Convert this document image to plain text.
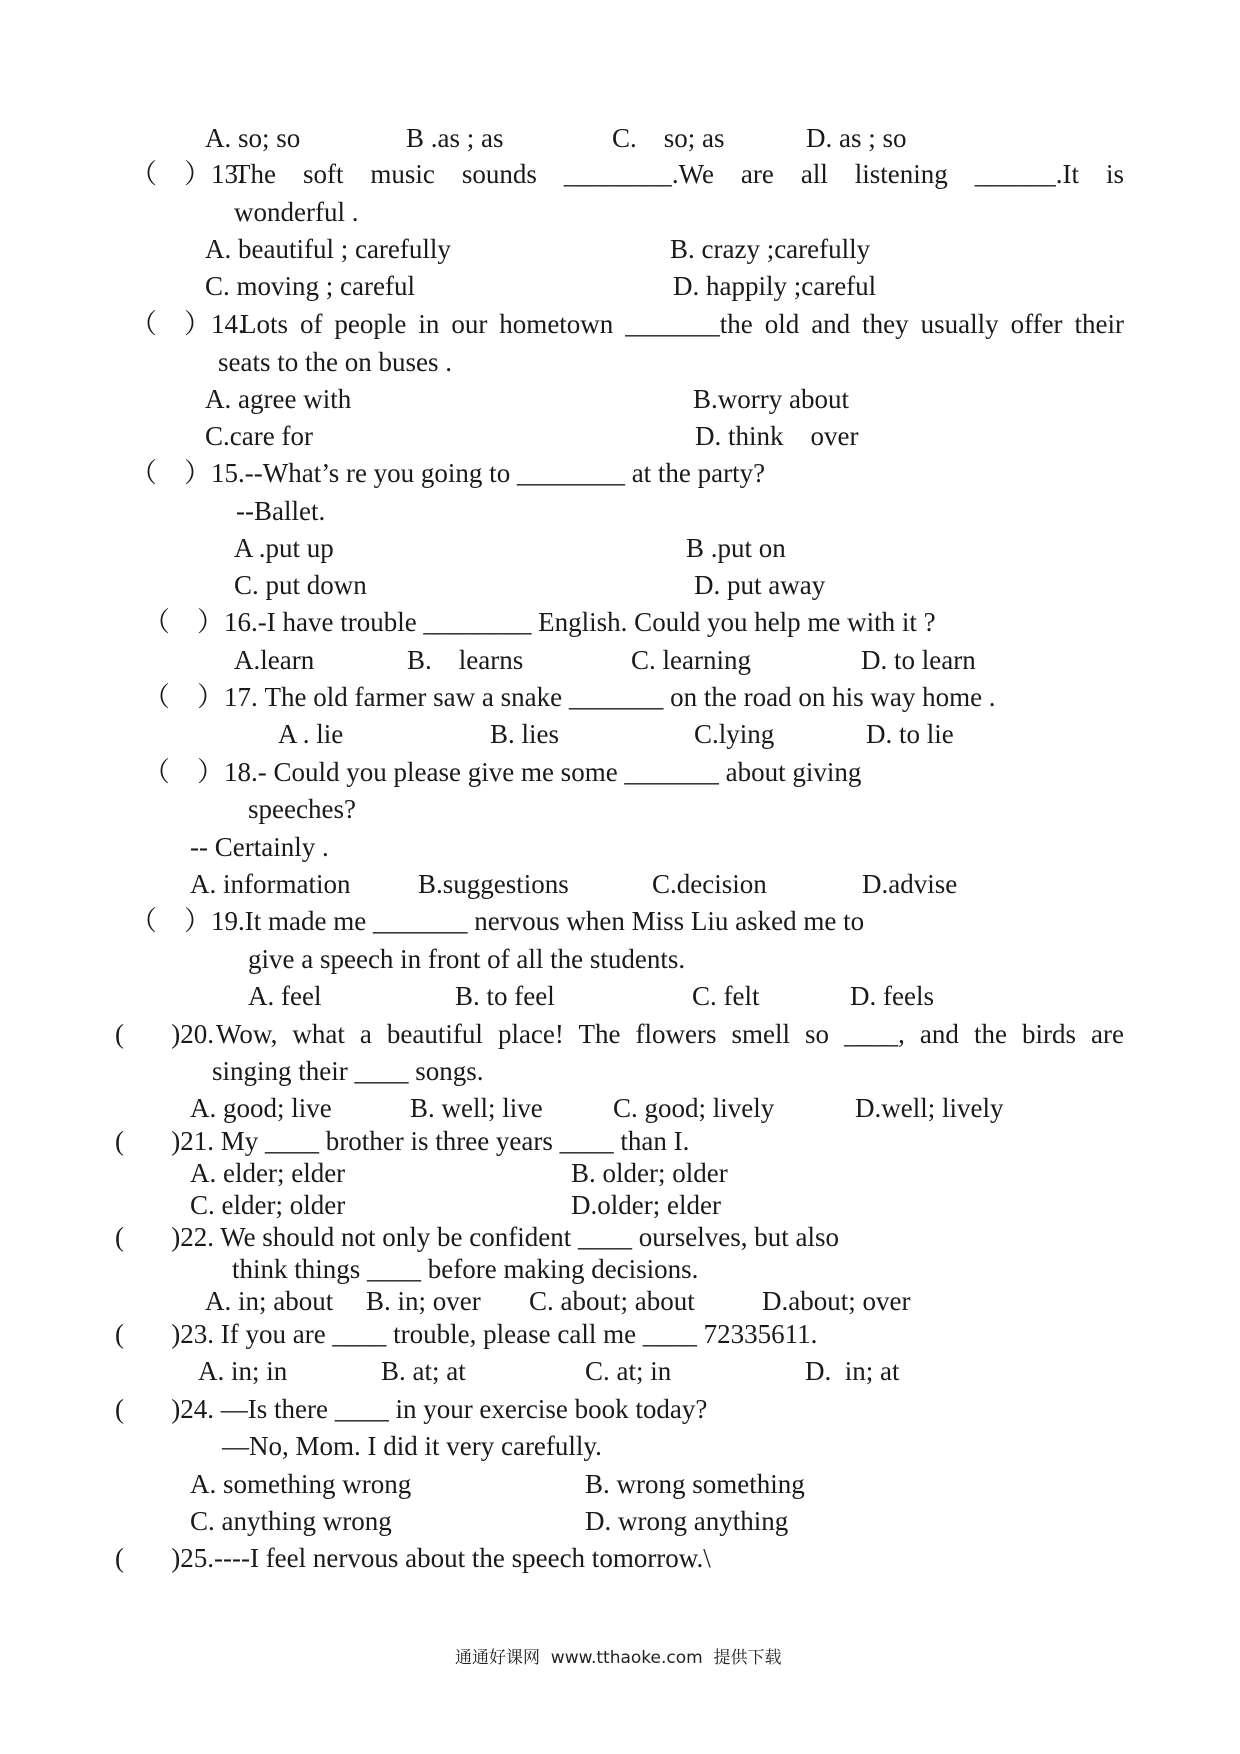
A. so; so	B .as ; as	C.    so; as	D. as ; so
（    ）13.
The soft music sounds ________.We are all listening ______.It is
wonderful .
A. beautiful ; carefully	B. crazy ;carefully
C. moving ; careful	D. happily ;careful
（    ）14.
Lots of people in our hometown _______the old and they usually offer their
seats to the on buses .
A. agree with	B.worry about
C.care for	D. think    over
（    ）15.--What’s re you going to ________ at the party?
--Ballet.
A .put up	B .put on
C. put down	D. put away
（    ）16.-I have trouble ________ English. Could you help me with it ?
A.learn	B.    learns	C. learning	D. to learn
（    ）17. The old farmer saw a snake _______ on the road on his way home .
A . lie	B. lies	C.lying	D. to lie
（    ）18.- Could you please give me some _______ about giving
speeches?
-- Certainly .
A. information	B.suggestions	C.decision	D.advise
（    ）19.It made me _______ nervous when Miss Liu asked me to
give a speech in front of all the students.
A. feel	B. to feel	C. felt	D. feels
(       )20. Wow, what a beautiful place! The flowers smell so ____, and the birds are
singing their ____ songs.
A. good; live	B. well; live	C. good; lively	D.well; lively
(       )21. My ____ brother is three years ____ than I.
A. elder; elder	B. older; older
C. elder; older	D.older; elder
(       )22. We should not only be confident ____ ourselves, but also
think things ____ before making decisions.
A. in; about B. in; over C. about; about D.about; over
(       )23. If you are ____ trouble, please call me ____ 72335611.
A. in; in	B. at; at	C. at; in	D.  in; at
(       )24. —Is there ____ in your exercise book today?
—No, Mom. I did it very carefully.
A. something wrong	B. wrong something
C. anything wrong	D. wrong anything
(       )25.----I feel nervous about the speech tomorrow.\
通通好课网  www.tthaoke.com  提供下载
